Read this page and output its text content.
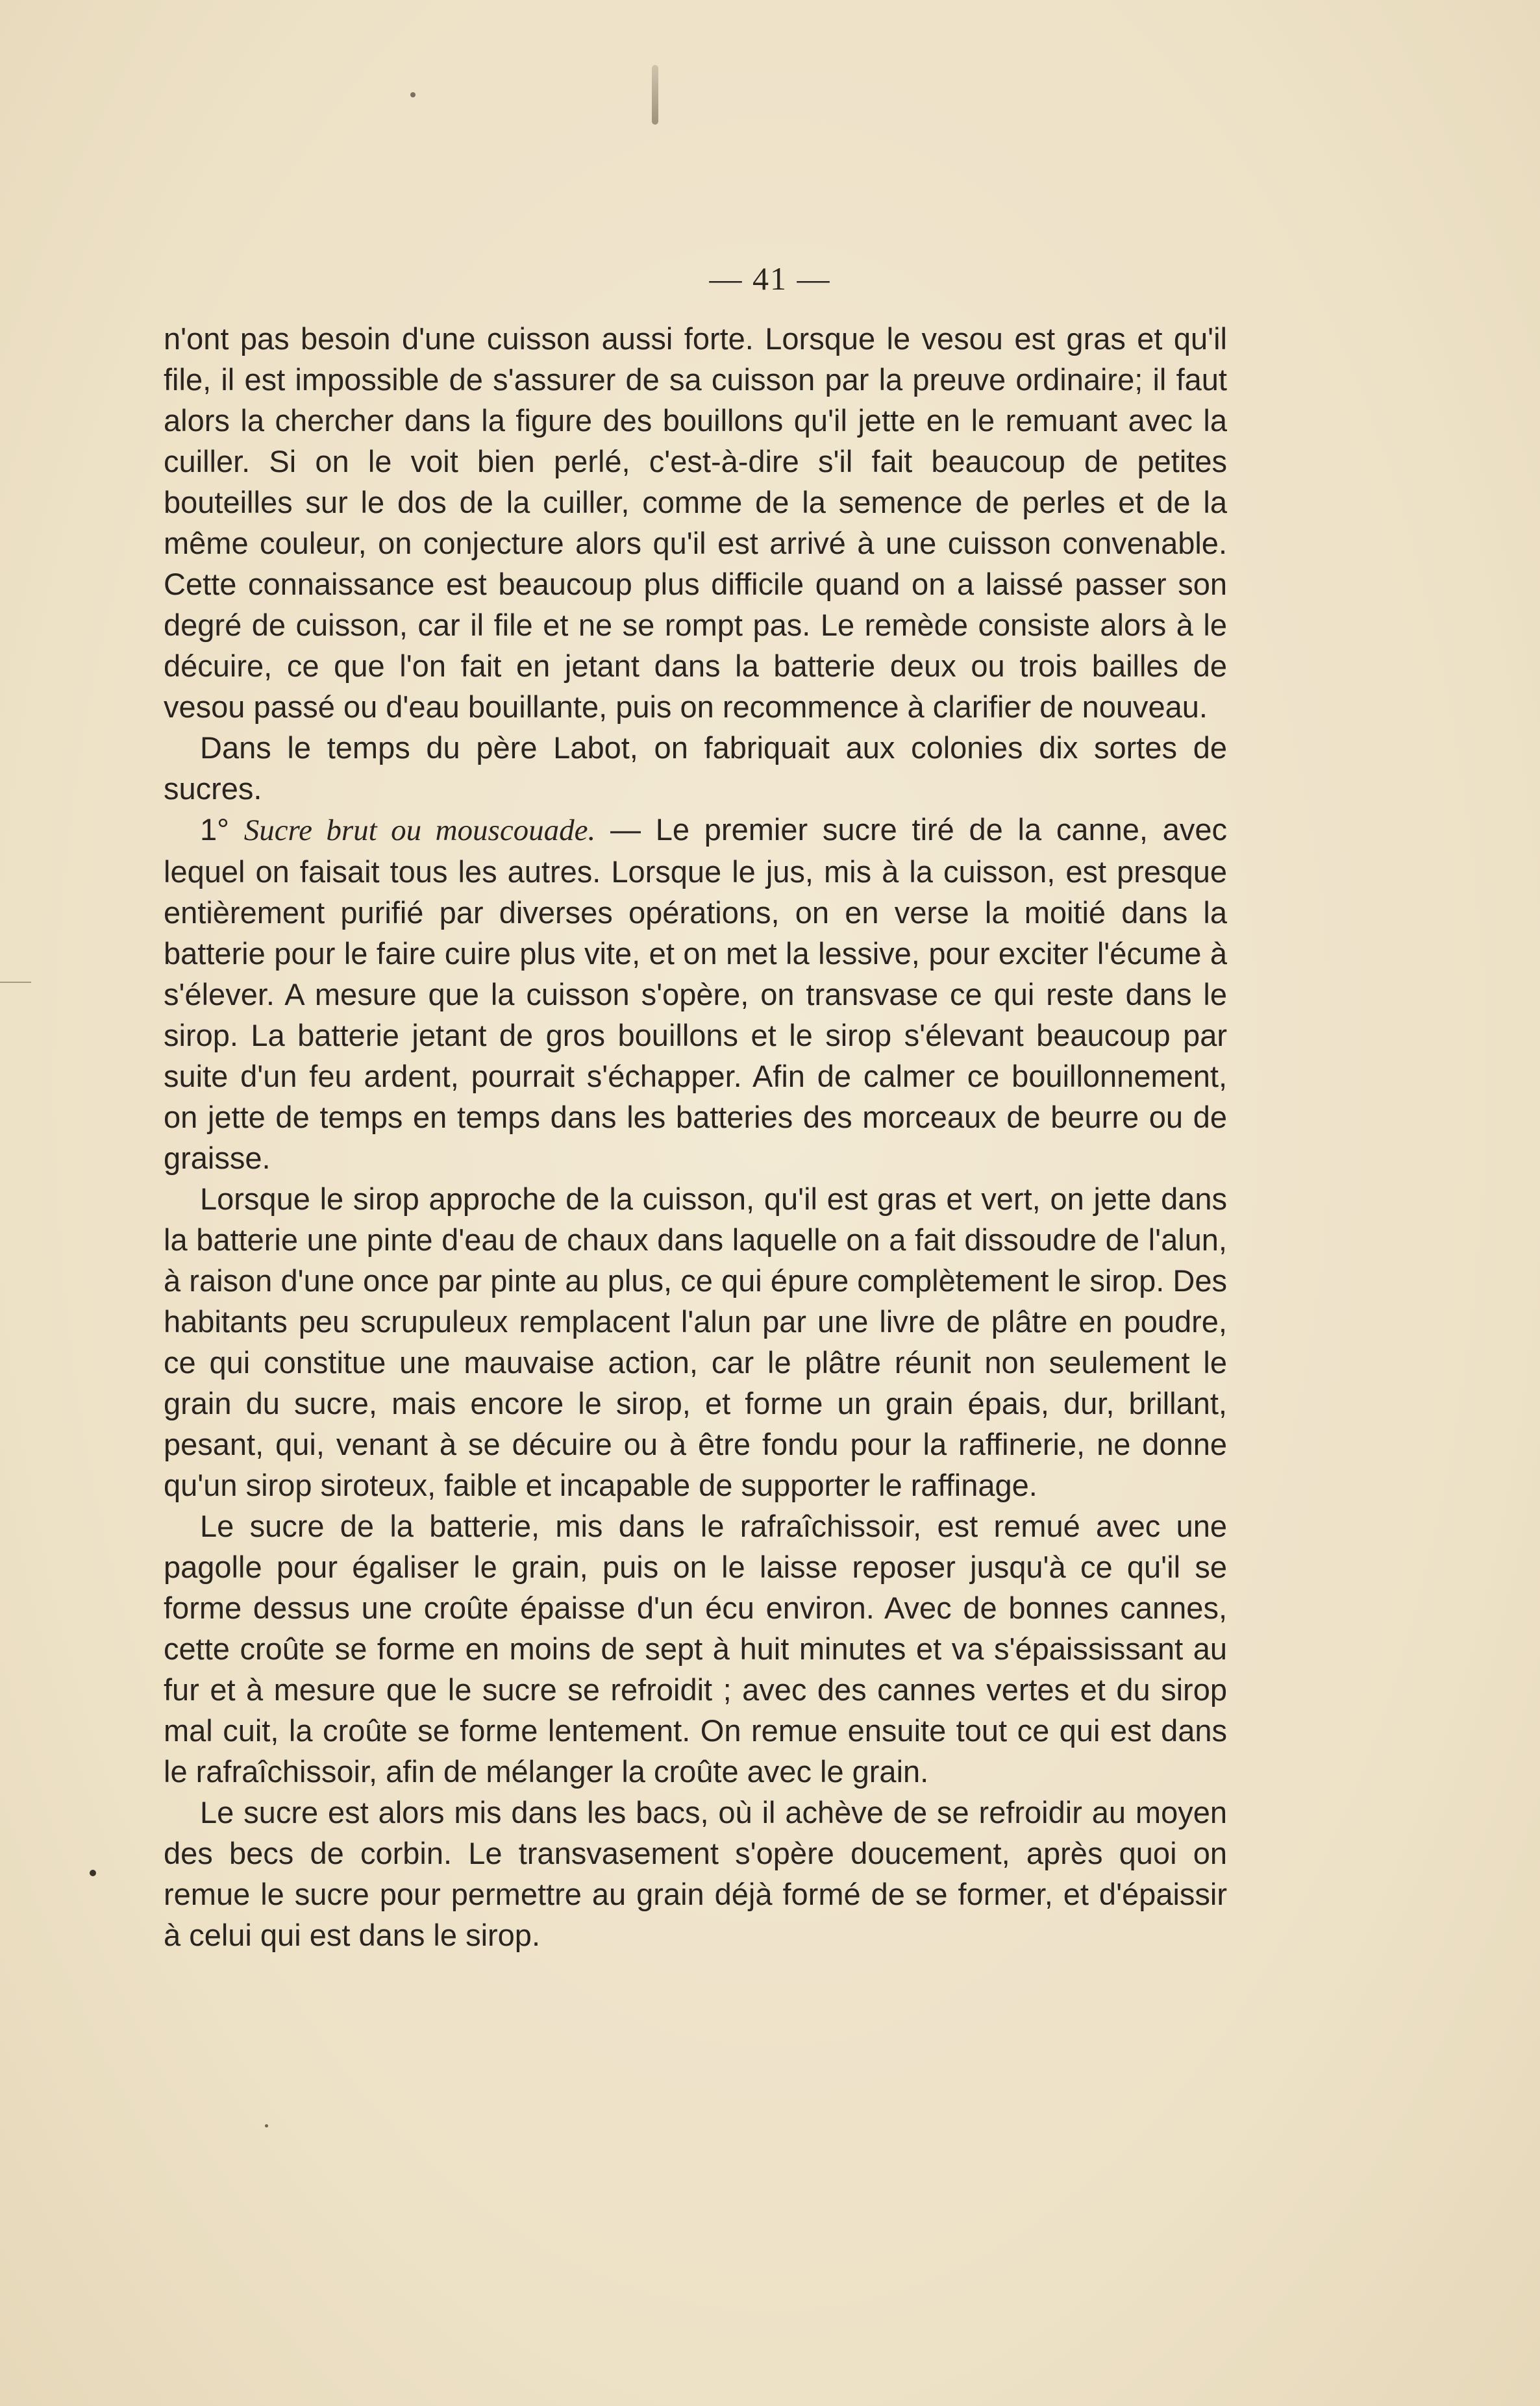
— 41 —

n'ont pas besoin d'une cuisson aussi forte. Lorsque le vesou est gras et qu'il file, il est impossible de s'assurer de sa cuisson par la preuve ordinaire; il faut alors la chercher dans la figure des bouillons qu'il jette en le remuant avec la cuiller. Si on le voit bien perlé, c'est-à-dire s'il fait beaucoup de petites bouteilles sur le dos de la cuiller, comme de la semence de perles et de la même couleur, on conjecture alors qu'il est arrivé à une cuisson convenable. Cette connaissance est beaucoup plus difficile quand on a laissé passer son degré de cuisson, car il file et ne se rompt pas. Le remède consiste alors à le décuire, ce que l'on fait en jetant dans la batterie deux ou trois bailles de vesou passé ou d'eau bouillante, puis on recommence à clarifier de nouveau.

Dans le temps du père Labot, on fabriquait aux colonies dix sortes de sucres.

1° Sucre brut ou mouscouade. — Le premier sucre tiré de la canne, avec lequel on faisait tous les autres. Lorsque le jus, mis à la cuisson, est presque entièrement purifié par diverses opérations, on en verse la moitié dans la batterie pour le faire cuire plus vite, et on met la lessive, pour exciter l'écume à s'élever. A mesure que la cuisson s'opère, on transvase ce qui reste dans le sirop. La batterie jetant de gros bouillons et le sirop s'élevant beaucoup par suite d'un feu ardent, pourrait s'échapper. Afin de calmer ce bouillonnement, on jette de temps en temps dans les batteries des morceaux de beurre ou de graisse.

Lorsque le sirop approche de la cuisson, qu'il est gras et vert, on jette dans la batterie une pinte d'eau de chaux dans laquelle on a fait dissoudre de l'alun, à raison d'une once par pinte au plus, ce qui épure complètement le sirop. Des habitants peu scrupuleux remplacent l'alun par une livre de plâtre en poudre, ce qui constitue une mauvaise action, car le plâtre réunit non seulement le grain du sucre, mais encore le sirop, et forme un grain épais, dur, brillant, pesant, qui, venant à se décuire ou à être fondu pour la raffinerie, ne donne qu'un sirop siroteux, faible et incapable de supporter le raffinage.

Le sucre de la batterie, mis dans le rafraîchissoir, est remué avec une pagolle pour égaliser le grain, puis on le laisse reposer jusqu'à ce qu'il se forme dessus une croûte épaisse d'un écu environ. Avec de bonnes cannes, cette croûte se forme en moins de sept à huit minutes et va s'épaississant au fur et à mesure que le sucre se refroidit ; avec des cannes vertes et du sirop mal cuit, la croûte se forme lentement. On remue ensuite tout ce qui est dans le rafraîchissoir, afin de mélanger la croûte avec le grain.

Le sucre est alors mis dans les bacs, où il achève de se refroidir au moyen des becs de corbin. Le transvasement s'opère doucement, après quoi on remue le sucre pour permettre au grain déjà formé de se former, et d'épaissir à celui qui est dans le sirop.
